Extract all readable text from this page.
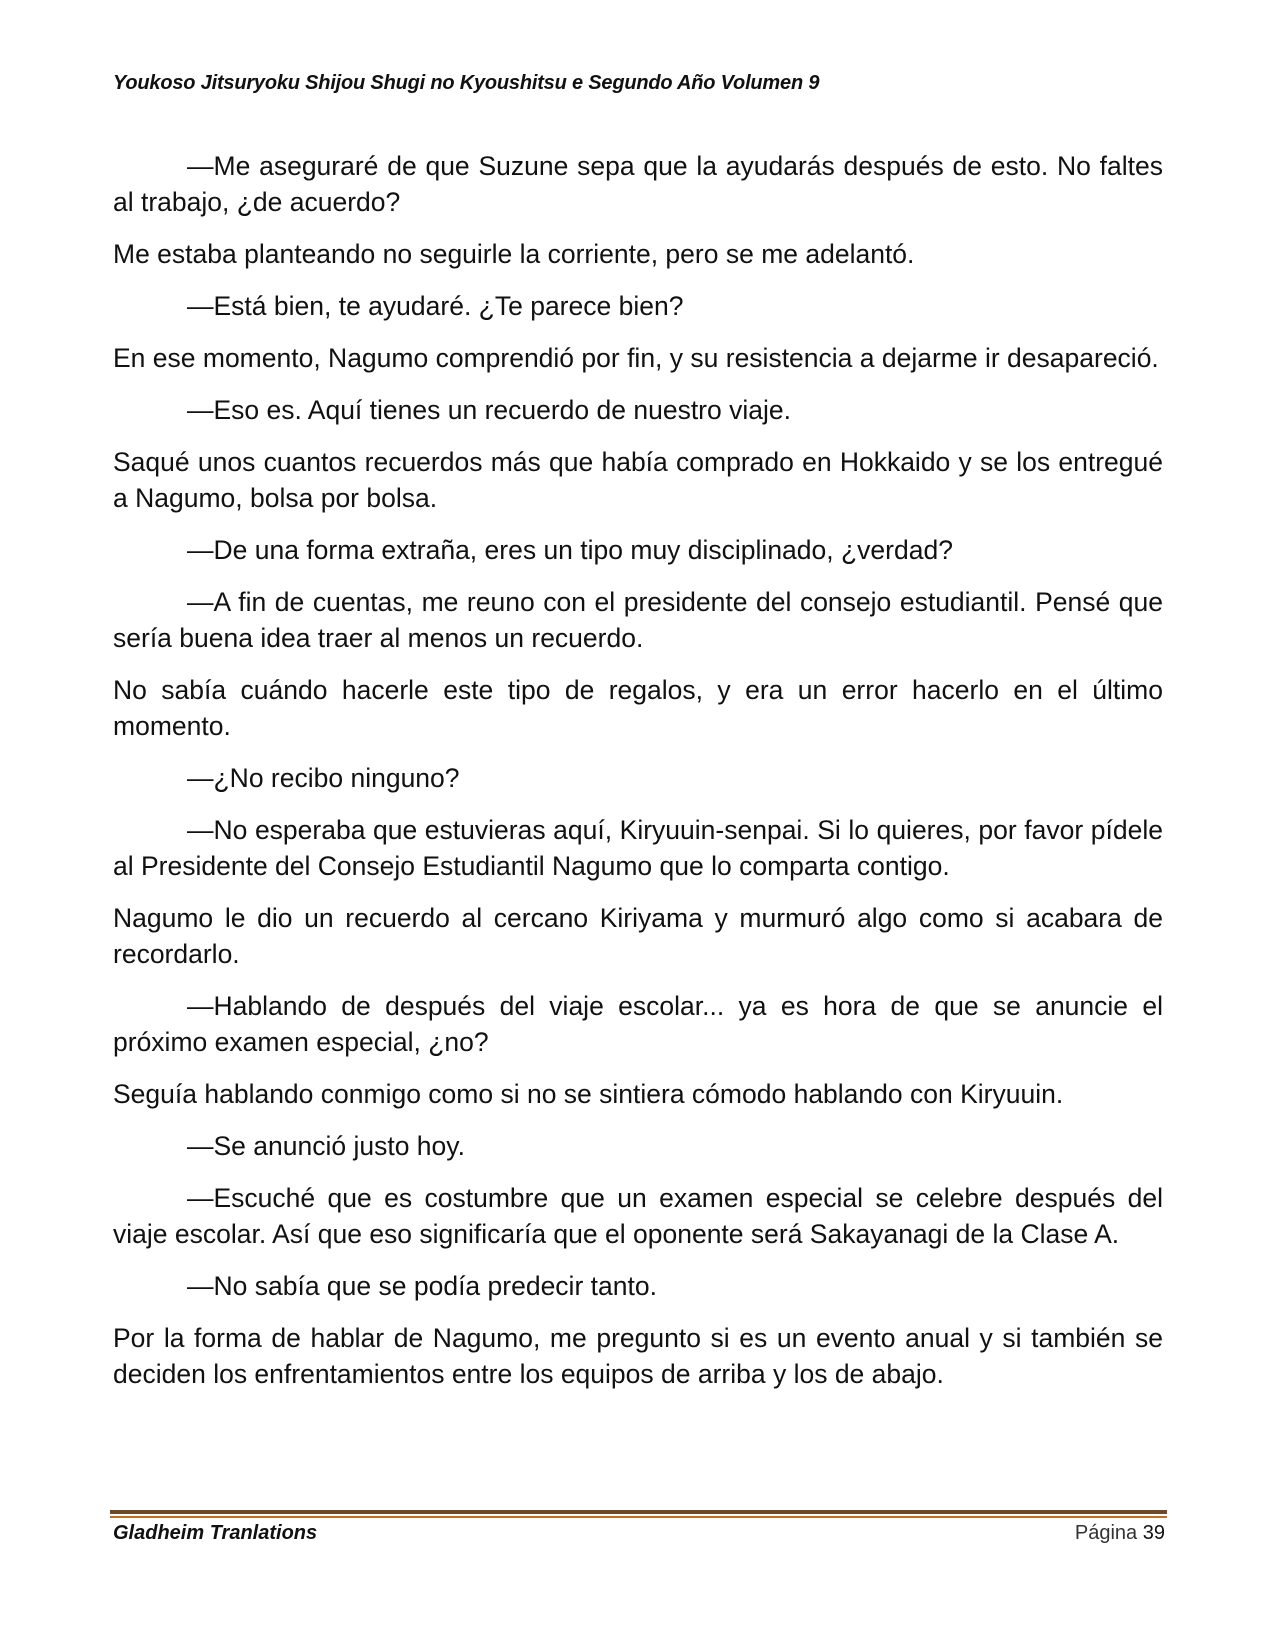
Youkoso Jitsuryoku Shijou Shugi no Kyoushitsu e Segundo Año Volumen 9

—Me aseguraré de que Suzune sepa que la ayudarás después de esto. No faltes al trabajo, ¿de acuerdo?

Me estaba planteando no seguirle la corriente, pero se me adelantó.

—Está bien, te ayudaré. ¿Te parece bien?

En ese momento, Nagumo comprendió por fin, y su resistencia a dejarme ir desapareció.

—Eso es. Aquí tienes un recuerdo de nuestro viaje.

Saqué unos cuantos recuerdos más que había comprado en Hokkaido y se los entregué a Nagumo, bolsa por bolsa.

—De una forma extraña, eres un tipo muy disciplinado, ¿verdad?

—A fin de cuentas, me reuno con el presidente del consejo estudiantil. Pensé que sería buena idea traer al menos un recuerdo.

No sabía cuándo hacerle este tipo de regalos, y era un error hacerlo en el último momento.

—¿No recibo ninguno?

—No esperaba que estuvieras aquí, Kiryuuin-senpai. Si lo quieres, por favor pídele al Presidente del Consejo Estudiantil Nagumo que lo comparta contigo.

Nagumo le dio un recuerdo al cercano Kiriyama y murmuró algo como si acabara de recordarlo.

—Hablando de después del viaje escolar... ya es hora de que se anuncie el próximo examen especial, ¿no?

Seguía hablando conmigo como si no se sintiera cómodo hablando con Kiryuuin.

—Se anunció justo hoy.

—Escuché que es costumbre que un examen especial se celebre después del viaje escolar. Así que eso significaría que el oponente será Sakayanagi de la Clase A.

—No sabía que se podía predecir tanto.

Por la forma de hablar de Nagumo, me pregunto si es un evento anual y si también se deciden los enfrentamientos entre los equipos de arriba y los de abajo.

Gladheim Tranlations	Página 39
